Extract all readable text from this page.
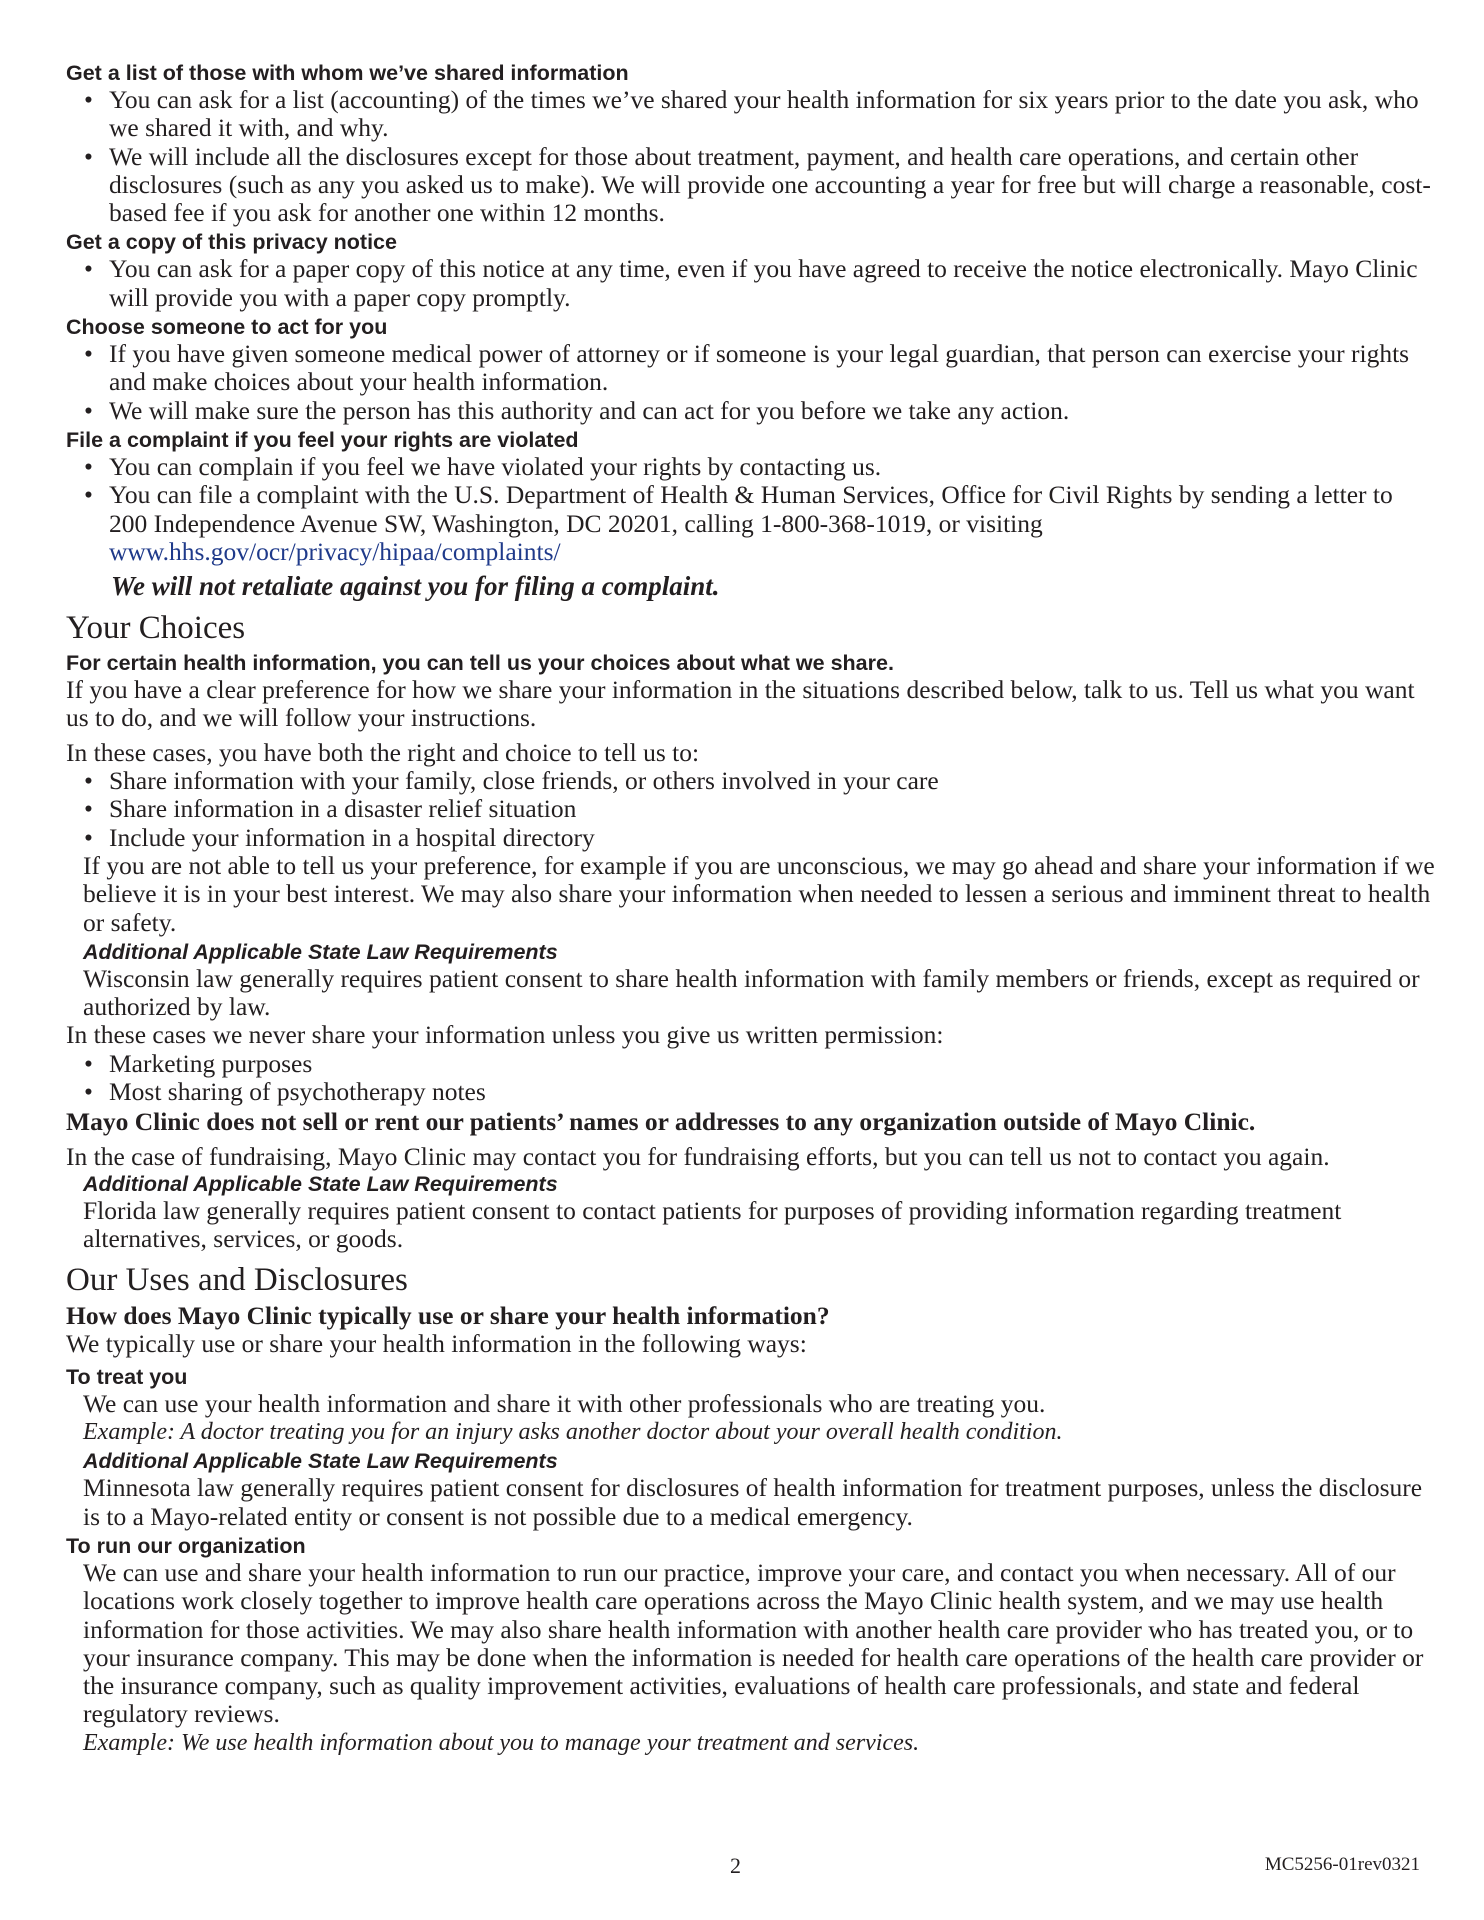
Get a list of those with whom we’ve shared information
• You can ask for a list (accounting) of the times we’ve shared your health information for six years prior to the date you ask, who we shared it with, and why.
• We will include all the disclosures except for those about treatment, payment, and health care operations, and certain other disclosures (such as any you asked us to make). We will provide one accounting a year for free but will charge a reasonable, cost-based fee if you ask for another one within 12 months.
Get a copy of this privacy notice
• You can ask for a paper copy of this notice at any time, even if you have agreed to receive the notice electronically. Mayo Clinic will provide you with a paper copy promptly.
Choose someone to act for you
• If you have given someone medical power of attorney or if someone is your legal guardian, that person can exercise your rights and make choices about your health information.
• We will make sure the person has this authority and can act for you before we take any action.
File a complaint if you feel your rights are violated
• You can complain if you feel we have violated your rights by contacting us.
• You can file a complaint with the U.S. Department of Health & Human Services, Office for Civil Rights by sending a letter to 200 Independence Avenue SW, Washington, DC 20201, calling 1-800-368-1019, or visiting
www.hhs.gov/ocr/privacy/hipaa/complaints/
We will not retaliate against you for filing a complaint.
Your Choices
For certain health information, you can tell us your choices about what we share.
If you have a clear preference for how we share your information in the situations described below, talk to us. Tell us what you want us to do, and we will follow your instructions.
In these cases, you have both the right and choice to tell us to:
• Share information with your family, close friends, or others involved in your care
• Share information in a disaster relief situation
• Include your information in a hospital directory
If you are not able to tell us your preference, for example if you are unconscious, we may go ahead and share your information if we believe it is in your best interest. We may also share your information when needed to lessen a serious and imminent threat to health or safety.
Additional Applicable State Law Requirements
Wisconsin law generally requires patient consent to share health information with family members or friends, except as required or authorized by law.
In these cases we never share your information unless you give us written permission:
• Marketing purposes
• Most sharing of psychotherapy notes
Mayo Clinic does not sell or rent our patients’ names or addresses to any organization outside of Mayo Clinic.
In the case of fundraising, Mayo Clinic may contact you for fundraising efforts, but you can tell us not to contact you again.
Additional Applicable State Law Requirements
Florida law generally requires patient consent to contact patients for purposes of providing information regarding treatment alternatives, services, or goods.
Our Uses and Disclosures
How does Mayo Clinic typically use or share your health information?
We typically use or share your health information in the following ways:
To treat you
We can use your health information and share it with other professionals who are treating you.
Example: A doctor treating you for an injury asks another doctor about your overall health condition.
Additional Applicable State Law Requirements
Minnesota law generally requires patient consent for disclosures of health information for treatment purposes, unless the disclosure is to a Mayo-related entity or consent is not possible due to a medical emergency.
To run our organization
We can use and share your health information to run our practice, improve your care, and contact you when necessary. All of our locations work closely together to improve health care operations across the Mayo Clinic health system, and we may use health information for those activities. We may also share health information with another health care provider who has treated you, or to your insurance company. This may be done when the information is needed for health care operations of the health care provider or the insurance company, such as quality improvement activities, evaluations of health care professionals, and state and federal regulatory reviews.
Example: We use health information about you to manage your treatment and services.
2	MC5256-01rev0321
